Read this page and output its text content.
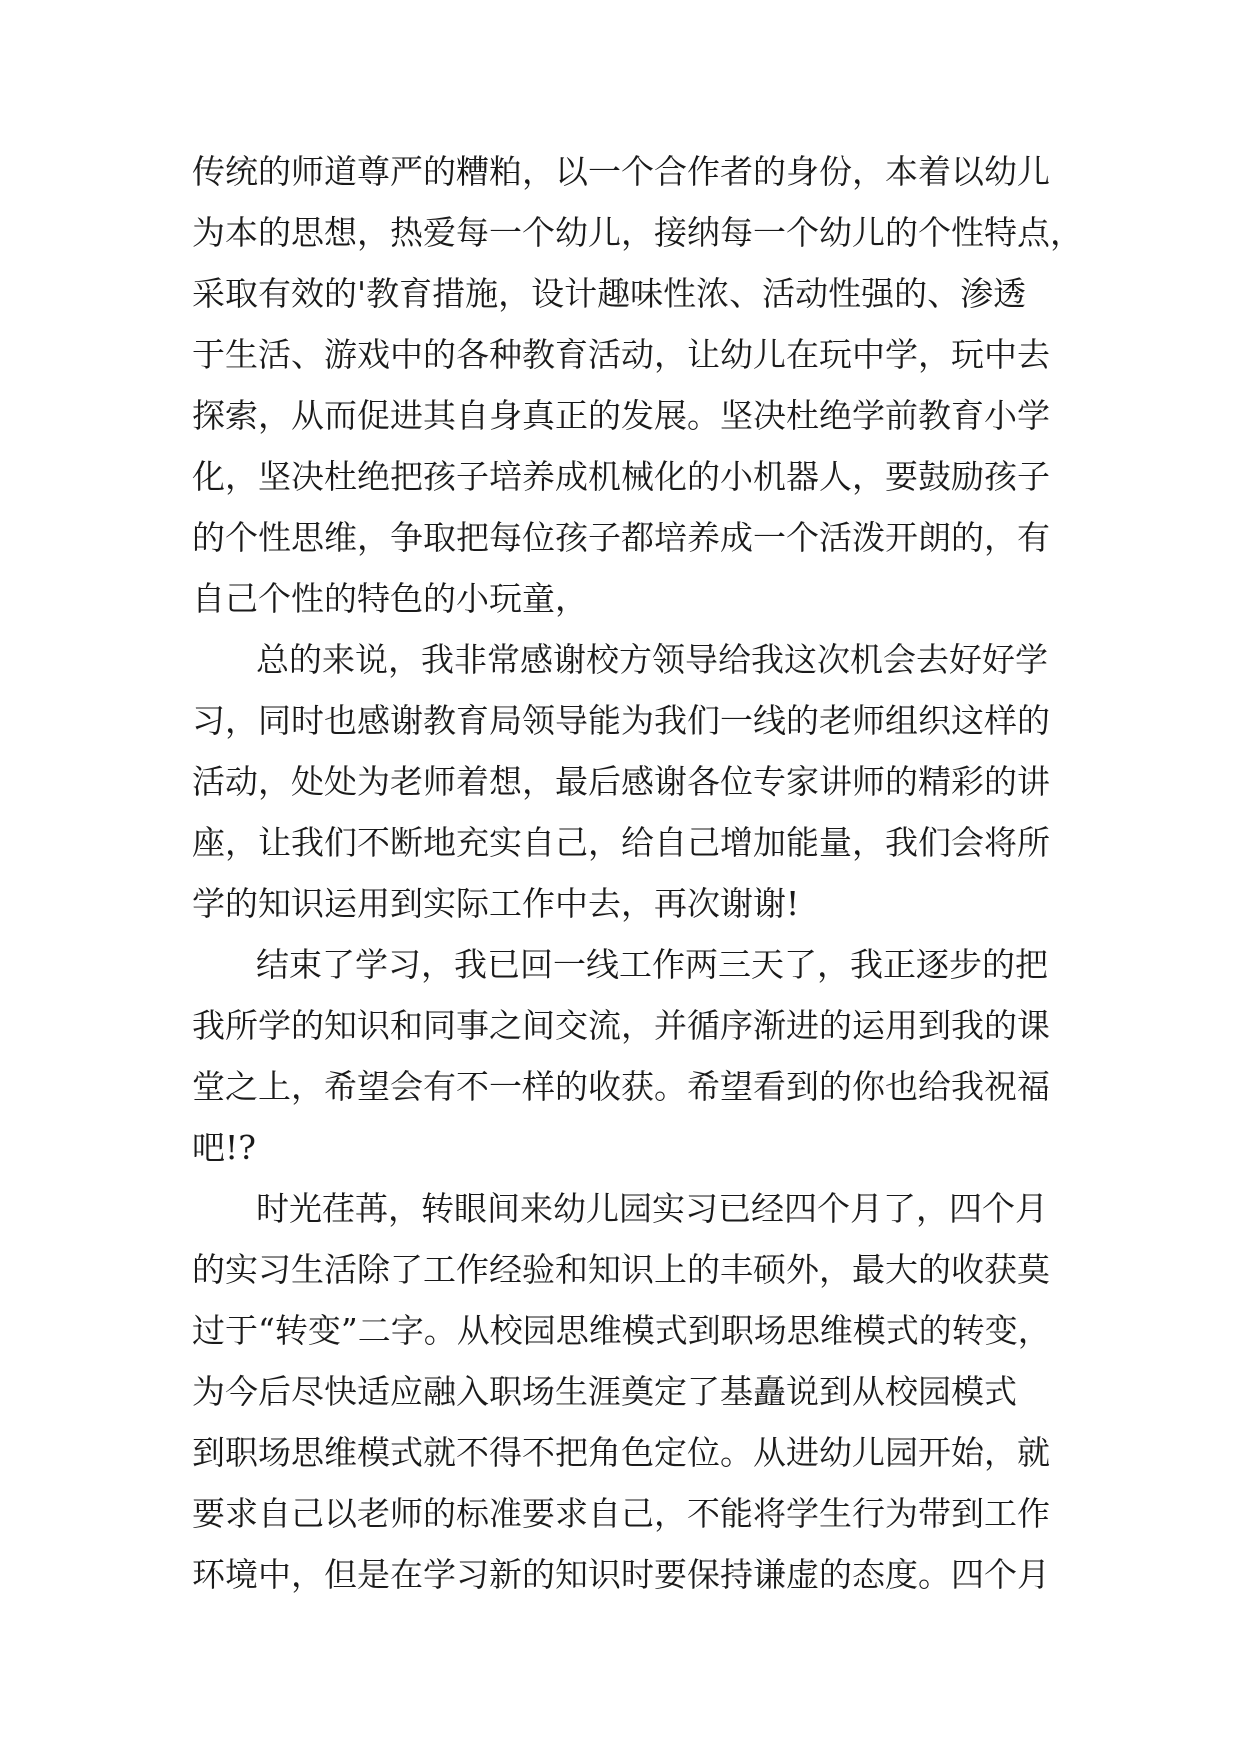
传统的师道尊严的糟粕，以一个合作者的身份，本着以幼儿
为本的思想，热爱每一个幼儿，接纳每一个幼儿的个性特点，
采取有效的'教育措施，设计趣味性浓、活动性强的、渗透
于生活、游戏中的各种教育活动，让幼儿在玩中学，玩中去
探索，从而促进其自身真正的发展。坚决杜绝学前教育小学
化，坚决杜绝把孩子培养成机械化的小机器人，要鼓励孩子
的个性思维，争取把每位孩子都培养成一个活泼开朗的，有
自己个性的特色的小玩童，
总的来说，我非常感谢校方领导给我这次机会去好好学
习，同时也感谢教育局领导能为我们一线的老师组织这样的
活动，处处为老师着想，最后感谢各位专家讲师的精彩的讲
座，让我们不断地充实自己，给自己增加能量，我们会将所
学的知识运用到实际工作中去，再次谢谢!
结束了学习，我已回一线工作两三天了，我正逐步的把
我所学的知识和同事之间交流，并循序渐进的运用到我的课
堂之上，希望会有不一样的收获。希望看到的你也给我祝福
吧!?
时光荏苒，转眼间来幼儿园实习已经四个月了，四个月
的实习生活除了工作经验和知识上的丰硕外，最大的收获莫
过于“转变”二字。从校园思维模式到职场思维模式的转变，
为今后尽快适应融入职场生涯奠定了基矗说到从校园模式
到职场思维模式就不得不把角色定位。从进幼儿园开始，就
要求自己以老师的标准要求自己，不能将学生行为带到工作
环境中，但是在学习新的知识时要保持谦虚的态度。四个月
